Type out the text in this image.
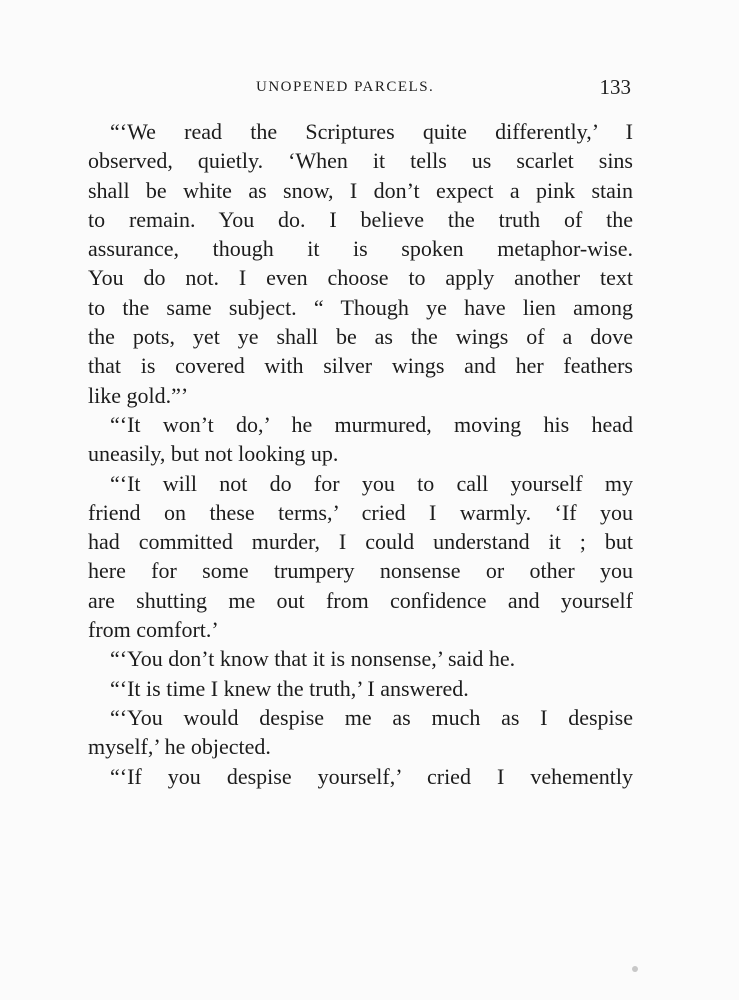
UNOPENED PARCELS.	133
“‘We read the Scriptures quite differently,’ I
observed, quietly. ‘When it tells us scarlet sins
shall be white as snow, I don’t expect a pink stain
to remain. You do. I believe the truth of the
assurance, though it is spoken metaphor-wise.
You do not. I even choose to apply another text
to the same subject. “ Though ye have lien among
the pots, yet ye shall be as the wings of a dove
that is covered with silver wings and her feathers
like gold.”’
“‘It won’t do,’ he murmured, moving his head
uneasily, but not looking up.
“‘It will not do for you to call yourself my
friend on these terms,’ cried I warmly. ‘If you
had committed murder, I could understand it ; but
here for some trumpery nonsense or other you
are shutting me out from confidence and yourself
from comfort.’
“‘You don’t know that it is nonsense,’ said he.
“‘It is time I knew the truth,’ I answered.
“‘You would despise me as much as I despise
myself,’ he objected.
“‘If you despise yourself,’ cried I vehemently
